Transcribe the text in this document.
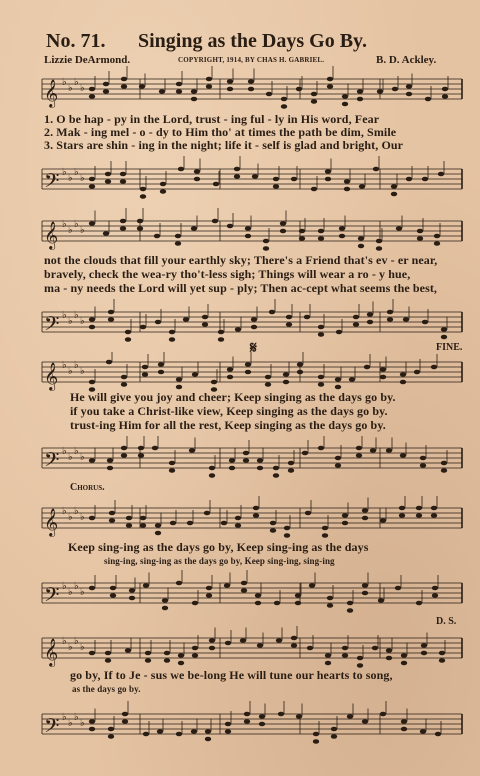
No. 71. Singing as the Days Go By.
Lizzie DeArmond.	COPYRIGHT, 1914, BY CHAS H. GABRIEL.	B. D. Ackley.
𝄞 ♭
♭
♭
♭
1. O be hap - py in the Lord, trust - ing ful - ly in His word, Fear
2. Mak - ing mel - o - dy to Him tho' at times the path be dim, Smile
3. Stars are shin - ing in the night; life it - self is glad and bright, Our
𝄢 ♭
♭
♭
♭
𝄞 ♭
♭
♭
♭
not the clouds that fill your earthly sky; There's a Friend that's ev - er near,
bravely, check the wea-ry tho't-less sigh; Things will wear a ro - y hue,
ma - ny needs the Lord will yet sup - ply; Then ac-cept what seems the best,
𝄢 ♭
♭
♭
♭
𝄋	FINE.
𝄞 ♭
♭
♭
♭
He will give you joy and cheer; Keep singing as the days go by.
if you take a Christ-like view, Keep singing as the days go by.
trust-ing Him for all the rest, Keep singing as the days go by.
𝄢 ♭
♭
♭
♭
Chorus.
𝄞 ♭
♭
♭
♭
Keep sing-ing as the days go by, Keep sing-ing as the days
sing-ing, sing-ing as the days go by, Keep sing-ing, sing-ing
𝄢 ♭
♭
♭
♭
D. S.
𝄞 ♭
♭
♭
♭
go by, If to Je - sus we be-long He will tune our hearts to song,
as the days go by.
𝄢 ♭
♭
♭
♭
